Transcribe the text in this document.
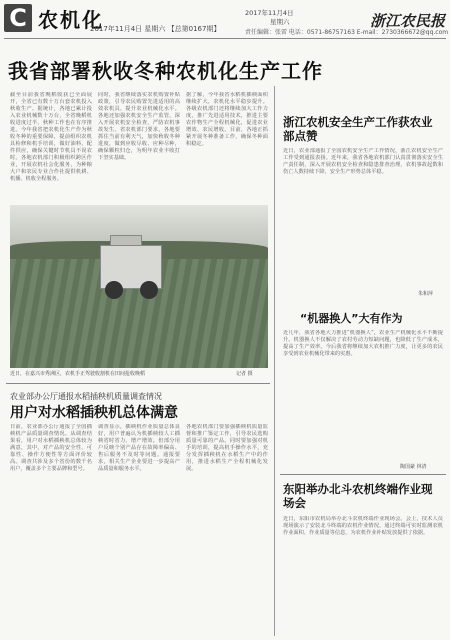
C 农机化
2017年11月4日 星期六 【总第0167期】
2017年11月4日
星期六
责任编辑：张雷 电话：0571-86757163 E-mail：2730366672@qq.com
浙江农民报
我省部署秋收冬种农机化生产工作
截至目前我省晚稻收获已全面展开，全省已有数十万台套农机投入秋收生产。据统计，各地已累计投入农业机械数十万台，全省晚稻机收进度过半，秋种工作也在有序推进。今年我省把农机化生产作为秋收冬种的重要保障，提前组织农机具检修和机手培训，做好油料、配件供应，确保关键时节机具不误农时。各地农机部门积极组织跨区作业，开展农机社会化服务，为种粮大户和农民专业合作社提供机耕、机播、机收全程服务。
同时，我省继续落实农机购置补贴政策，引导农民购置先进适用的高效农机具，提升农业机械化水平。各地还加强农机安全生产监管，深入开展农机安全检查，严防农机事故发生。省农机部门要求，各地要抓住当前有利天气，加快秋收冬种进度，做到应收尽收、应种尽种，确保颗粒归仓，为明年农业丰收打下坚实基础。
据了解，今年我省水稻机插秧面积继续扩大，农机化水平稳步提升。各级农机部门还将继续加大工作力度，推广先进适用技术，推进主要农作物生产全程机械化，促进农业增效、农民增收。目前，各地正抓紧开展冬种准备工作，确保冬种面积稳定。
近日，在嘉兴市秀洲区，农机手正驾驶收割机在田间抢收晚稻	记者 摄
农业部办公厅通报水稻插秧机质量调查情况
用户对水稻插秧机总体满意
日前，农业部办公厅通报了全国插秧机产品质量调查情况。从调查结果看，用户对水稻插秧机总体较为满意，其中，对产品的安全性、可靠性、操作方便性等方面评价较高。调查共涉及多个省份的数千名用户，覆盖多个主要品牌和型号。
调查显示，插秧机作业质量总体良好，用户普遍认为机插秧较人工插秧省时省力、增产增效。但部分用户反映个别产品存在故障率偏高、售后服务不及时等问题。通报要求，相关生产企业要进一步提高产品质量和服务水平。
各地农机部门要加强插秧机质量监督和推广鉴定工作，引导农民选购质量可靠的产品。同时要加强对机手的培训，提高机手操作水平，充分发挥插秧机在水稻生产中的作用，推进水稻生产全程机械化发展。
浙江农机安全生产工作获农业部点赞
近日，农业部通报了全国农机安全生产工作情况，浙江农机安全生产工作受到通报表扬。近年来，我省各地农机部门认真贯彻落实安全生产责任制，深入开展农机安全检查和隐患排查治理，农机事故起数和伤亡人数持续下降，安全生产形势总体平稳。
朱和萍
“机器换人”大有作为
近几年，我省各地大力推进“机器换人”，农业生产机械化水平不断提升。机器换人不仅解决了农村劳动力短缺问题，也降低了生产成本，提高了生产效率。今后我省将继续加大农机推广力度，让更多的农民享受到农业机械化带来的实惠。
陶国豪 林清
东阳举办北斗农机终端作业现场会
近日，东阳市农机局举办北斗农机终端作业现场会。会上，技术人员现场演示了安装北斗终端的农机作业情况，通过终端可实时监测农机作业面积、作业质量等信息，为农机作业补贴发放提供了依据。
